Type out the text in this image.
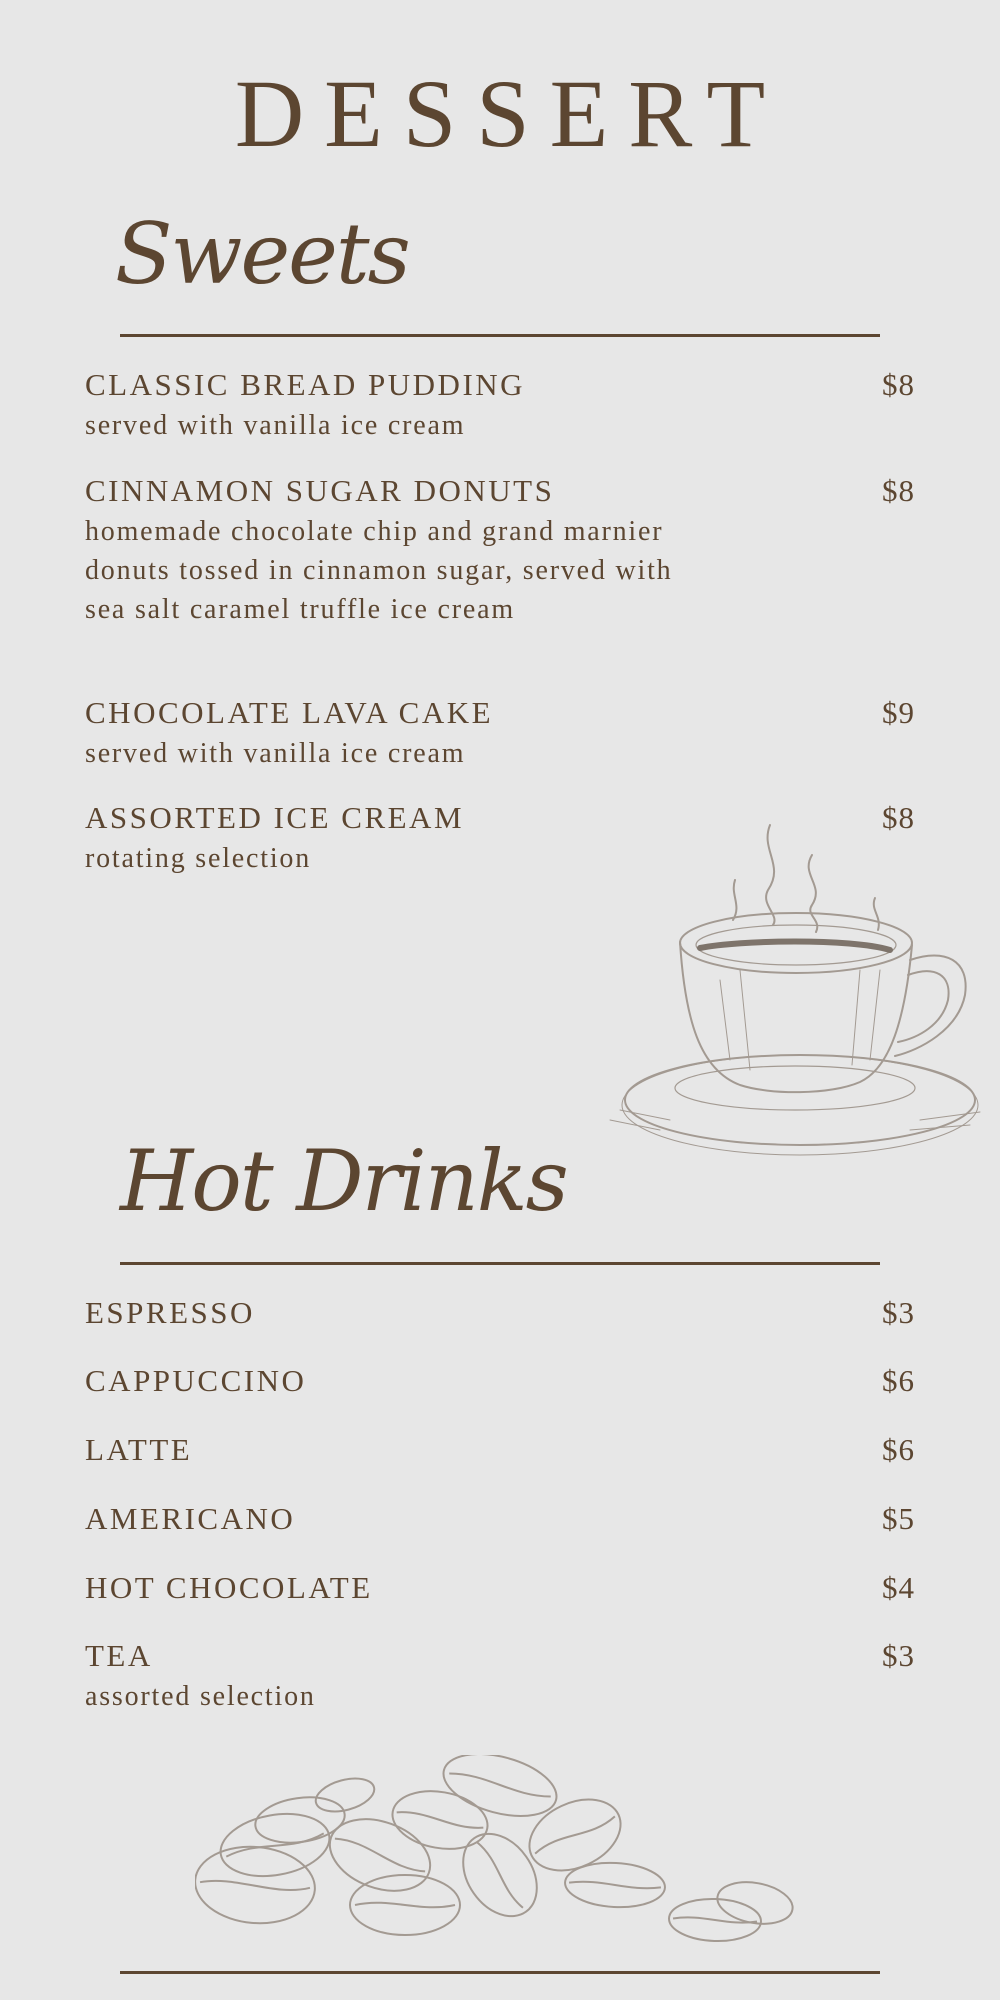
DESSERT
Sweets
CLASSIC BREAD PUDDING	$8
served with vanilla ice cream
CINNAMON SUGAR DONUTS	$8
homemade chocolate chip and grand marnier donuts tossed in cinnamon sugar, served with sea salt caramel truffle ice cream
CHOCOLATE LAVA CAKE	$9
served with vanilla ice cream
ASSORTED ICE CREAM	$8
rotating selection
Hot Drinks
ESPRESSO	$3
CAPPUCCINO	$6
LATTE	$6
AMERICANO	$5
HOT CHOCOLATE	$4
TEA	$3
assorted selection
